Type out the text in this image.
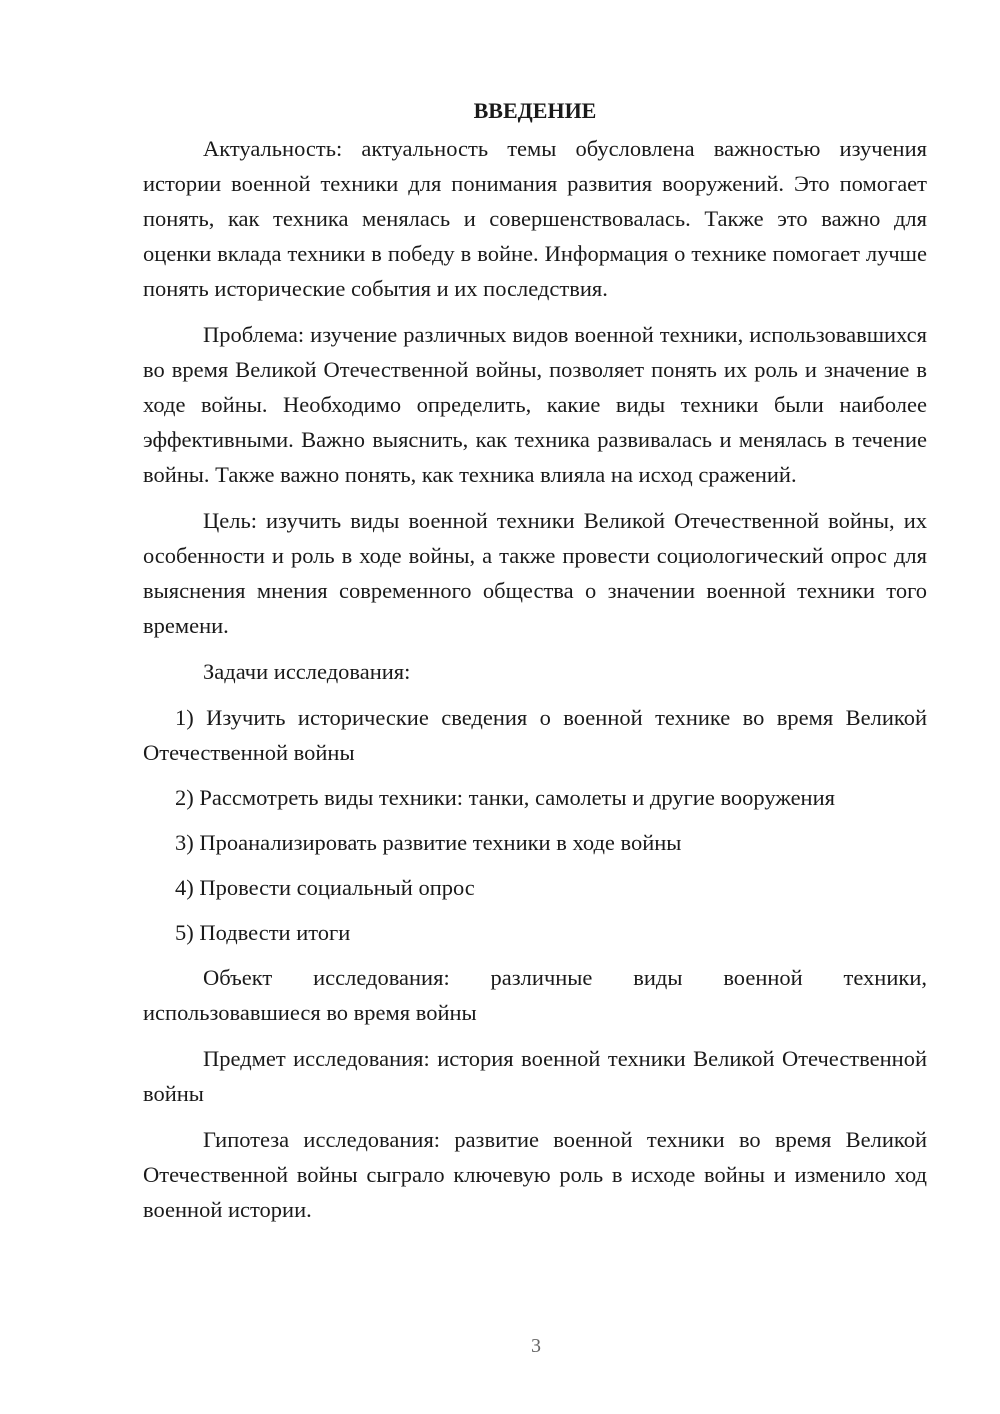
ВВЕДЕНИЕ

Актуальность: актуальность темы обусловлена важностью изучения истории военной техники для понимания развития вооружений. Это помогает понять, как техника менялась и совершенствовалась. Также это важно для оценки вклада техники в победу в войне. Информация о технике помогает лучше понять исторические события и их последствия.

Проблема: изучение различных видов военной техники, использовавшихся во время Великой Отечественной войны, позволяет понять их роль и значение в ходе войны. Необходимо определить, какие виды техники были наиболее эффективными. Важно выяснить, как техника развивалась и менялась в течение войны. Также важно понять, как техника влияла на исход сражений.

Цель: изучить виды военной техники Великой Отечественной войны, их особенности и роль в ходе войны, а также провести социологический опрос для выяснения мнения современного общества о значении военной техники того времени.

Задачи исследования:

1) Изучить исторические сведения о военной технике во время Великой Отечественной войны

2) Рассмотреть виды техники: танки, самолеты и другие вооружения

3) Проанализировать развитие техники в ходе войны

4) Провести социальный опрос

5) Подвести итоги

Объект исследования: различные виды военной техники, использовавшиеся во время войны

Предмет исследования: история военной техники Великой Отечественной войны

Гипотеза исследования: развитие военной техники во время Великой Отечественной войны сыграло ключевую роль в исходе войны и изменило ход военной истории.

3
